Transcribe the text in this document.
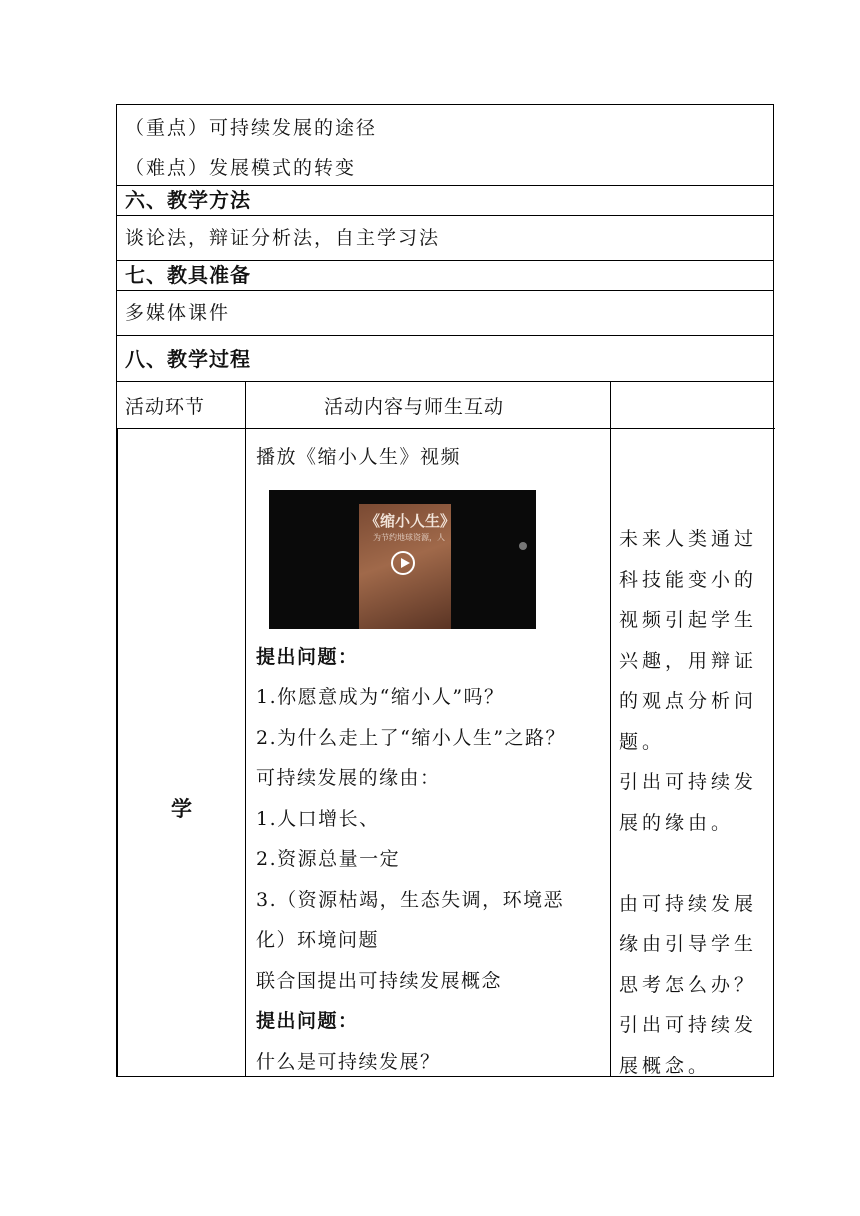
（重点）可持续发展的途径
（难点）发展模式的转变
六、教学方法
谈论法，辩证分析法，自主学习法
七、教具准备
多媒体课件
八、教学过程
活动环节	活动内容与师生互动
学
播放《缩小人生》视频
《缩小人生》
为节约地球资源，人
提出问题：
1.你愿意成为“缩小人”吗？
2.为什么走上了“缩小人生”之路？
可持续发展的缘由：
1.人口增长、
2.资源总量一定
3.（资源枯竭，生态失调，环境恶
化）环境问题
联合国提出可持续发展概念
提出问题：
什么是可持续发展？
未来人类通过
科技能变小的
视频引起学生
兴趣，用辩证
的观点分析问
题。
引出可持续发
展的缘由。
由可持续发展
缘由引导学生
思考怎么办？
引出可持续发
展概念。
